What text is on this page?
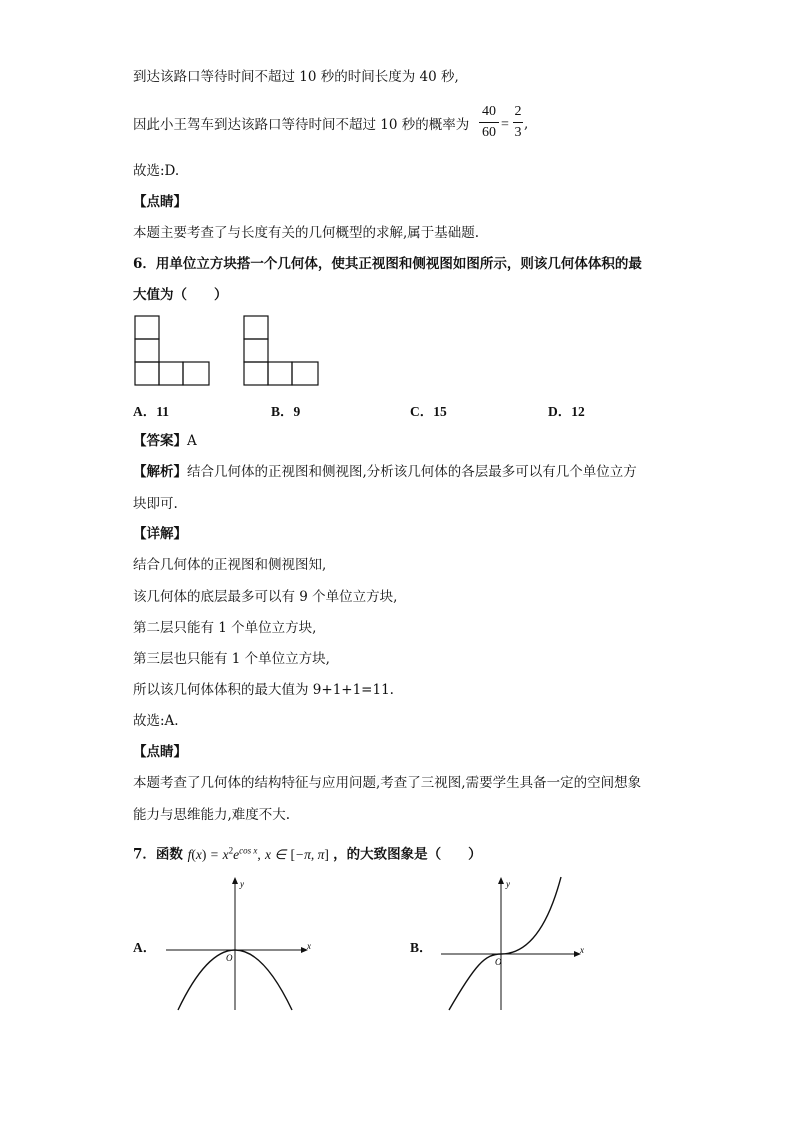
到达该路口等待时间不超过 10 秒的时间长度为 40 秒,
因此小王驾车到达该路口等待时间不超过 10 秒的概率为
40
60
=
2
3
,
故选:D.
【点睛】
本题主要考查了与长度有关的几何概型的求解,属于基础题.
6．用单位立方块搭一个几何体，使其正视图和侧视图如图所示，则该几何体体积的最
大值为（　　）
A．11	B．9	C．15	D．12
【答案】A
【解析】结合几何体的正视图和侧视图,分析该几何体的各层最多可以有几个单位立方
块即可.
【详解】
结合几何体的正视图和侧视图知,
该几何体的底层最多可以有 9 个单位立方块,
第二层只能有 1 个单位立方块,
第三层也只能有 1 个单位立方块,
所以该几何体体积的最大值为 9+1+1=11.
故选:A.
【点睛】
本题考查了几何体的结构特征与应用问题,考查了三视图,需要学生具备一定的空间想象
能力与思维能力,难度不大.
7．函数 $f(x) = x^2e^{cos x}$, x ∈ [−π, π] ，的大致图象是（　　）
A．
y
x
O
B．
y
x
O
